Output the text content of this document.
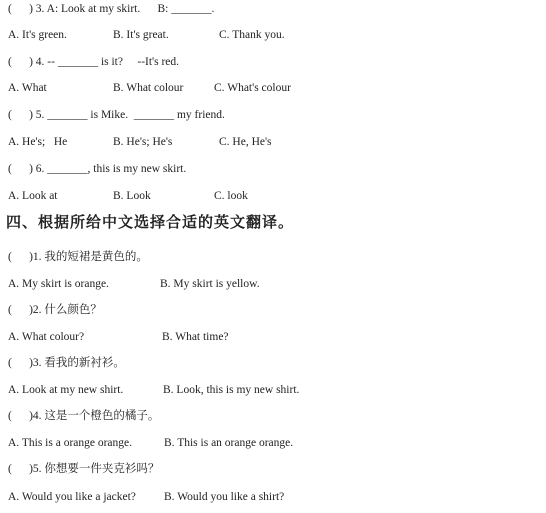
(      ) 3. A: Look at my skirt.      B: _______.
A. It's green.	B. It's great.	C. Thank you.
(      ) 4. -- _______ is it?     --It's red.
A. What	B. What colour	C. What's colour
(      ) 5. _______ is Mike.  _______ my friend.
A. He's;   He	B. He's; He's	C. He, He's
(      ) 6. _______, this is my new skirt.
A. Look at	B. Look	C. look
四、根据所给中文选择合适的英文翻译。
(      )1. 我的短裙是黄色的。
A. My skirt is orange.	B. My skirt is yellow.
(      )2. 什么颜色？
A. What colour?	B. What time?
(      )3. 看我的新衬衫。
A. Look at my new shirt.	B. Look, this is my new shirt.
(      )4. 这是一个橙色的橘子。
A. This is a orange orange.	B. This is an orange orange.
(      )5. 你想要一件夹克衫吗？
A. Would you like a jacket? B. Would you like a shirt?
